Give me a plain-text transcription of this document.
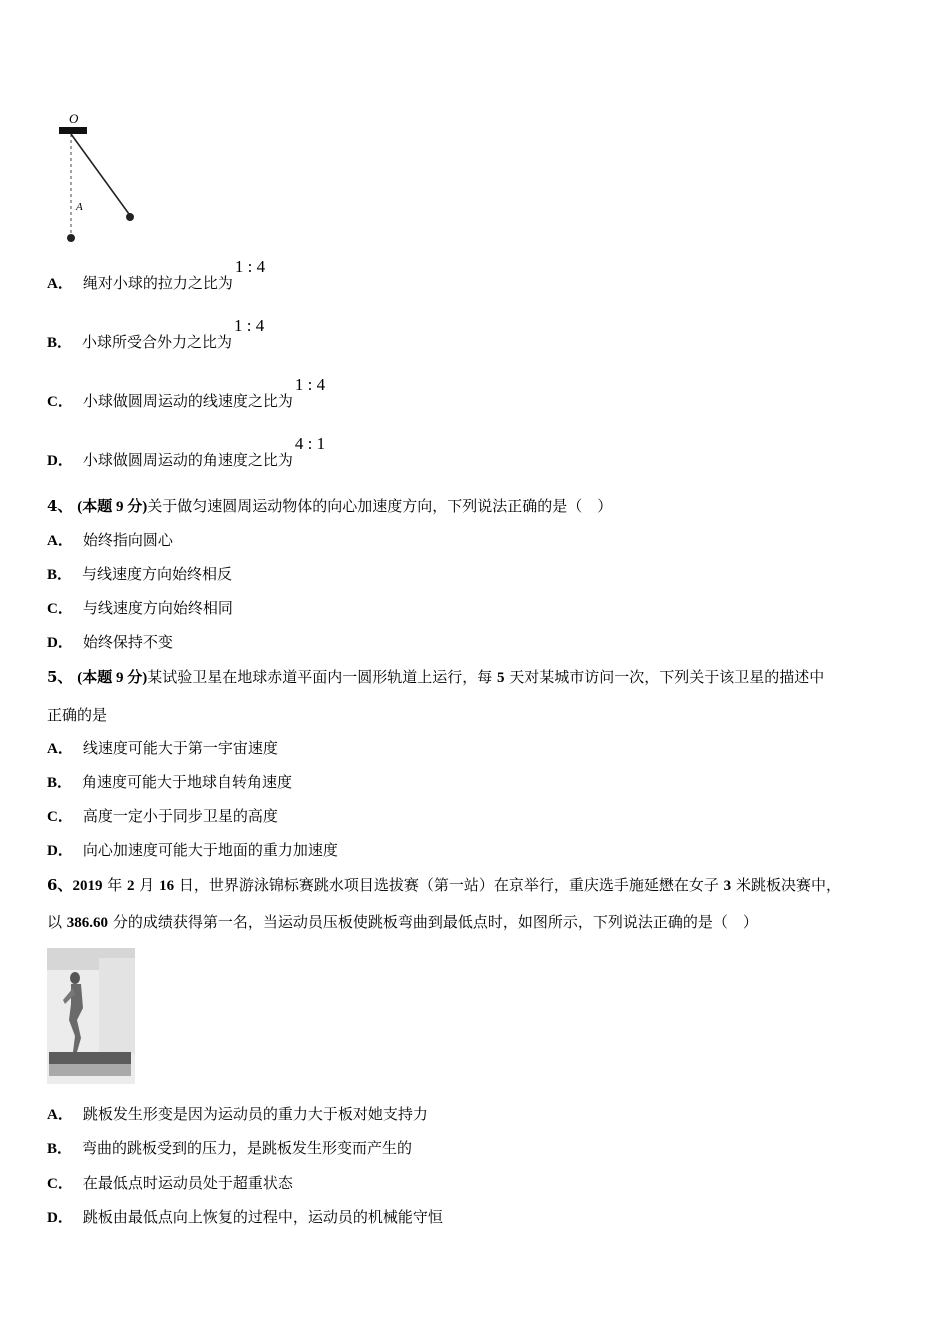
O
A
A． 绳对小球的拉力之比为1 : 4
B． 小球所受合外力之比为1 : 4
C． 小球做圆周运动的线速度之比为1 : 4
D． 小球做圆周运动的角速度之比为4 : 1
4、 (本题 9 分)关于做匀速圆周运动物体的向心加速度方向，下列说法正确的是（　）
A． 始终指向圆心
B． 与线速度方向始终相反
C． 与线速度方向始终相同
D． 始终保持不变
5、 (本题 9 分)某试验卫星在地球赤道平面内一圆形轨道上运行，每 5 天对某城市访问一次，下列关于该卫星的描述中
正确的是
A． 线速度可能大于第一宇宙速度
B． 角速度可能大于地球自转角速度
C． 高度一定小于同步卫星的高度
D． 向心加速度可能大于地面的重力加速度
6、2019 年 2 月 16 日，世界游泳锦标赛跳水项目选拔赛（第一站）在京举行，重庆选手施延懋在女子 3 米跳板决赛中，
以 386.60 分的成绩获得第一名，当运动员压板使跳板弯曲到最低点时，如图所示，下列说法正确的是（　）
A． 跳板发生形变是因为运动员的重力大于板对她支持力
B． 弯曲的跳板受到的压力，是跳板发生形变而产生的
C． 在最低点时运动员处于超重状态
D． 跳板由最低点向上恢复的过程中，运动员的机械能守恒
